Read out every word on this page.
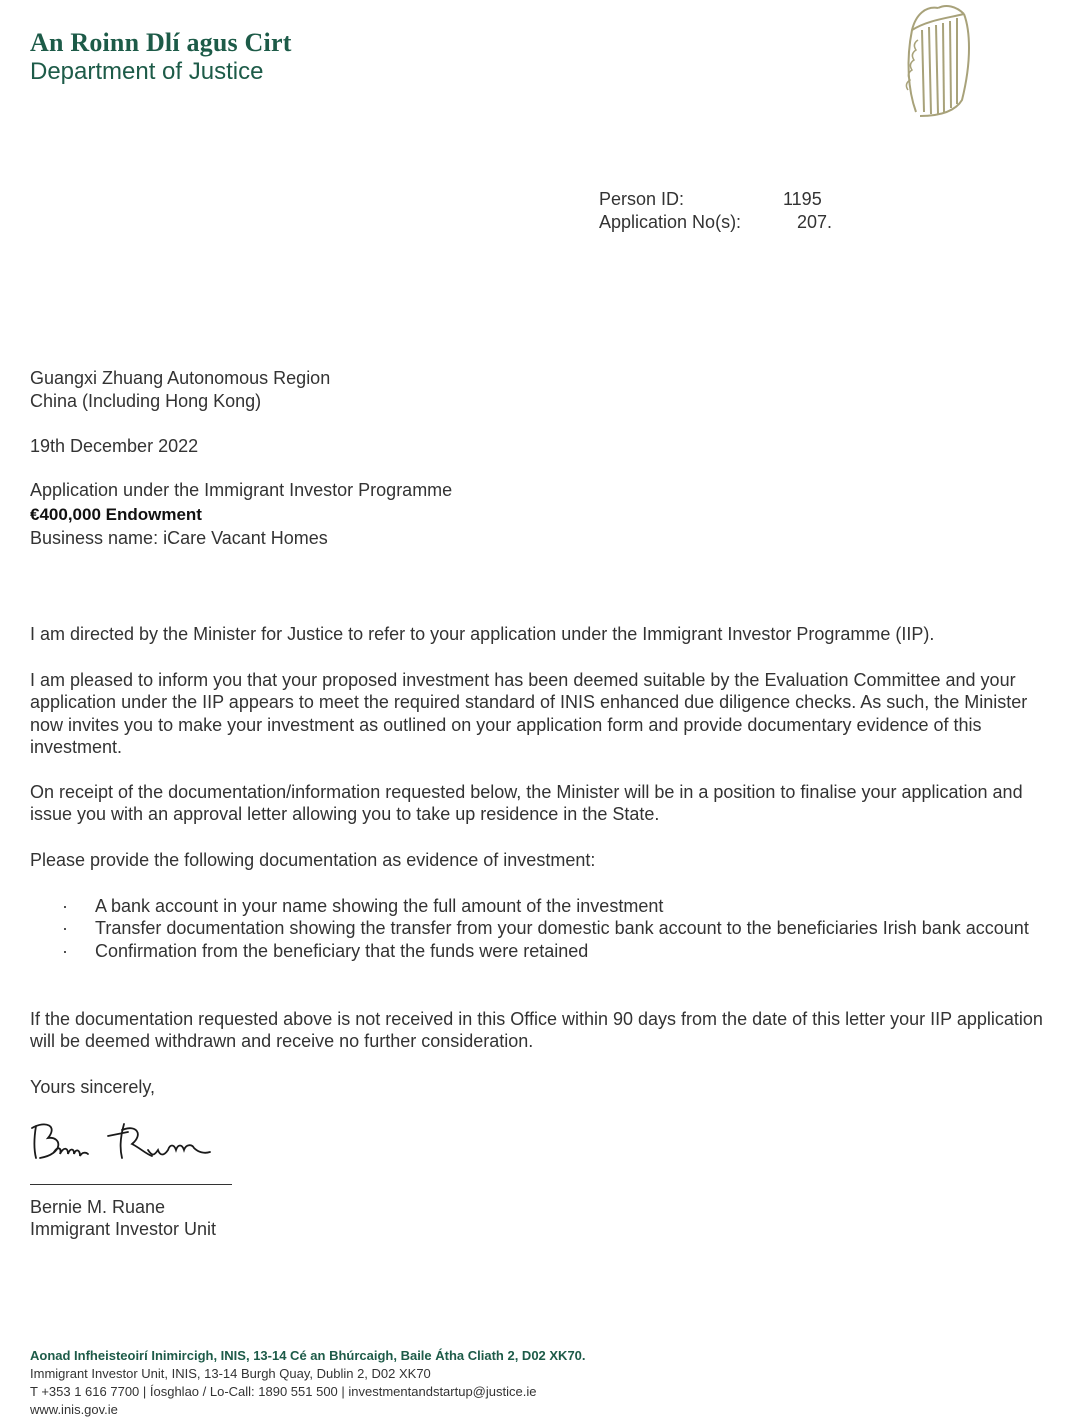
An Roinn Dlí agus Cirt
Department of Justice
Person ID:	1195
Application No(s):	207.
Guangxi Zhuang Autonomous Region
China (Including Hong Kong)
19th December 2022
Application under the Immigrant Investor Programme
€400,000 Endowment
Business name: iCare Vacant Homes
I am directed by the Minister for Justice to refer to your application under the Immigrant Investor Programme (IIP).
I am pleased to inform you that your proposed investment has been deemed suitable by the Evaluation Committee and your application under the IIP appears to meet the required standard of INIS enhanced due diligence checks. As such, the Minister now invites you to make your investment as outlined on your application form and provide documentary evidence of this investment.
On receipt of the documentation/information requested below, the Minister will be in a position to finalise your application and issue you with an approval letter allowing you to take up residence in the State.
Please provide the following documentation as evidence of investment:
· A bank account in your name showing the full amount of the investment
· Transfer documentation showing the transfer from your domestic bank account to the beneficiaries Irish bank account
· Confirmation from the beneficiary that the funds were retained
If the documentation requested above is not received in this Office within 90 days from the date of this letter your IIP application will be deemed withdrawn and receive no further consideration.
Yours sincerely,
Bernie M. Ruane
Immigrant Investor Unit
Aonad Infheisteoirí Inimircigh, INIS, 13-14 Cé an Bhúrcaigh, Baile Átha Cliath 2, D02 XK70.
Immigrant Investor Unit, INIS, 13-14 Burgh Quay, Dublin 2, D02 XK70
T +353 1 616 7700 | Íosghlao / Lo-Call: 1890 551 500 | investmentandstartup@justice.ie
www.inis.gov.ie
